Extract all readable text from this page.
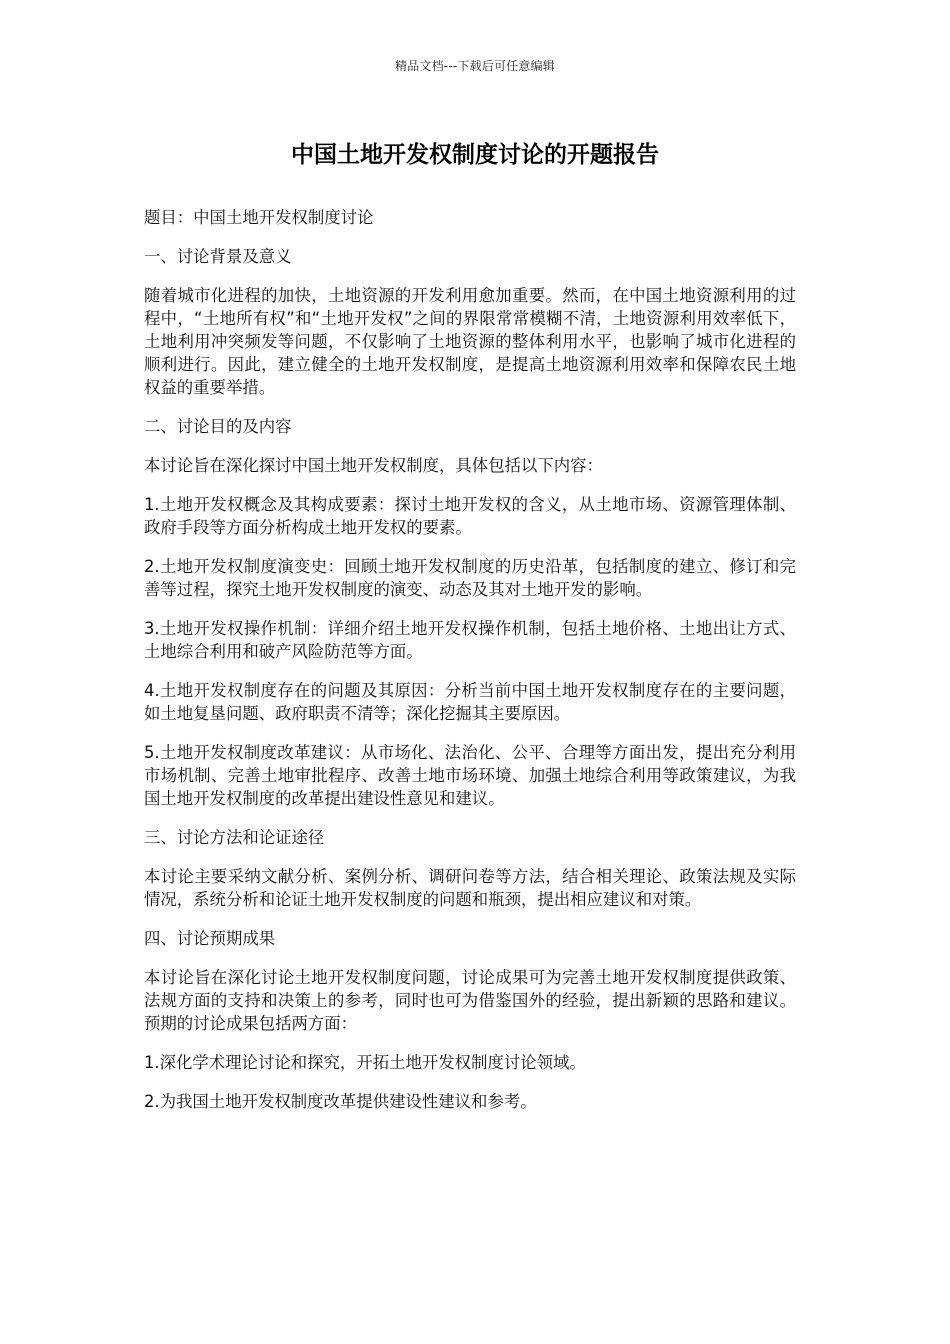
精品文档---下载后可任意编辑
中国土地开发权制度讨论的开题报告

题目：中国土地开发权制度讨论

一、讨论背景及意义

随着城市化进程的加快，土地资源的开发利用愈加重要。然而，在中国土地资源利用的过程中，“土地所有权”和“土地开发权”之间的界限常常模糊不清，土地资源利用效率低下，土地利用冲突频发等问题，不仅影响了土地资源的整体利用水平，也影响了城市化进程的顺利进行。因此，建立健全的土地开发权制度，是提高土地资源利用效率和保障农民土地权益的重要举措。

二、讨论目的及内容

本讨论旨在深化探讨中国土地开发权制度，具体包括以下内容：

1.土地开发权概念及其构成要素：探讨土地开发权的含义，从土地市场、资源管理体制、政府手段等方面分析构成土地开发权的要素。

2.土地开发权制度演变史：回顾土地开发权制度的历史沿革，包括制度的建立、修订和完善等过程，探究土地开发权制度的演变、动态及其对土地开发的影响。

3.土地开发权操作机制：详细介绍土地开发权操作机制，包括土地价格、土地出让方式、土地综合利用和破产风险防范等方面。

4.土地开发权制度存在的问题及其原因：分析当前中国土地开发权制度存在的主要问题，如土地复垦问题、政府职责不清等；深化挖掘其主要原因。

5.土地开发权制度改革建议：从市场化、法治化、公平、合理等方面出发，提出充分利用市场机制、完善土地审批程序、改善土地市场环境、加强土地综合利用等政策建议，为我国土地开发权制度的改革提出建设性意见和建议。

三、讨论方法和论证途径

本讨论主要采纳文献分析、案例分析、调研问卷等方法，结合相关理论、政策法规及实际情况，系统分析和论证土地开发权制度的问题和瓶颈，提出相应建议和对策。

四、讨论预期成果

本讨论旨在深化讨论土地开发权制度问题，讨论成果可为完善土地开发权制度提供政策、法规方面的支持和决策上的参考，同时也可为借鉴国外的经验，提出新颖的思路和建议。预期的讨论成果包括两方面：

1.深化学术理论讨论和探究，开拓土地开发权制度讨论领域。

2.为我国土地开发权制度改革提供建设性建议和参考。
